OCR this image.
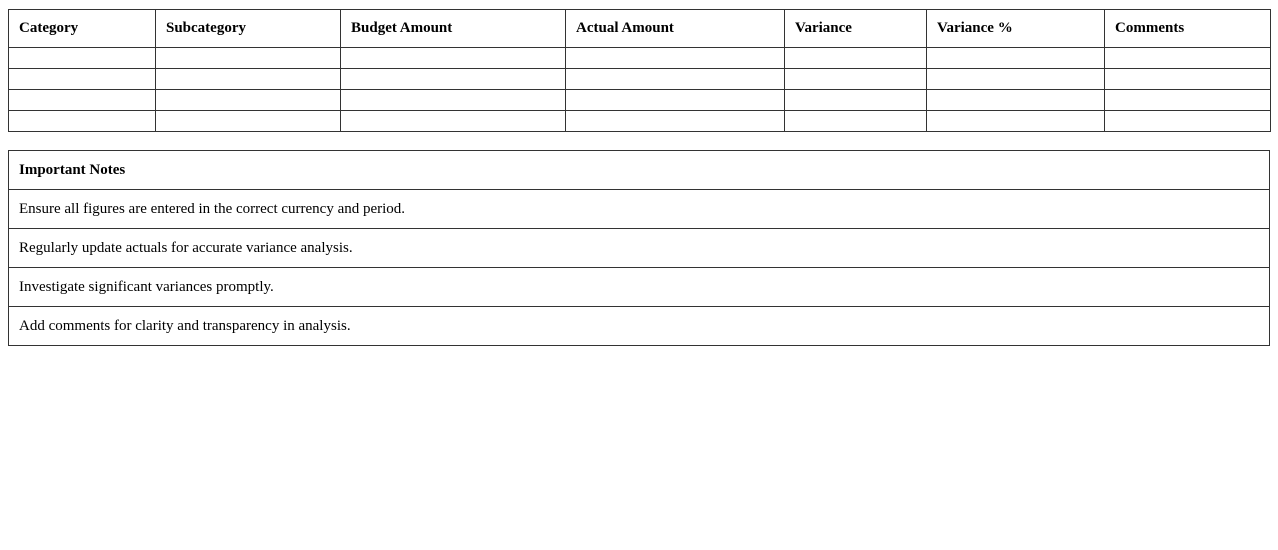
Category	Subcategory	Budget Amount	Actual Amount	Variance	Variance %	Comments

Important Notes
Ensure all figures are entered in the correct currency and period.
Regularly update actuals for accurate variance analysis.
Investigate significant variances promptly.
Add comments for clarity and transparency in analysis.
